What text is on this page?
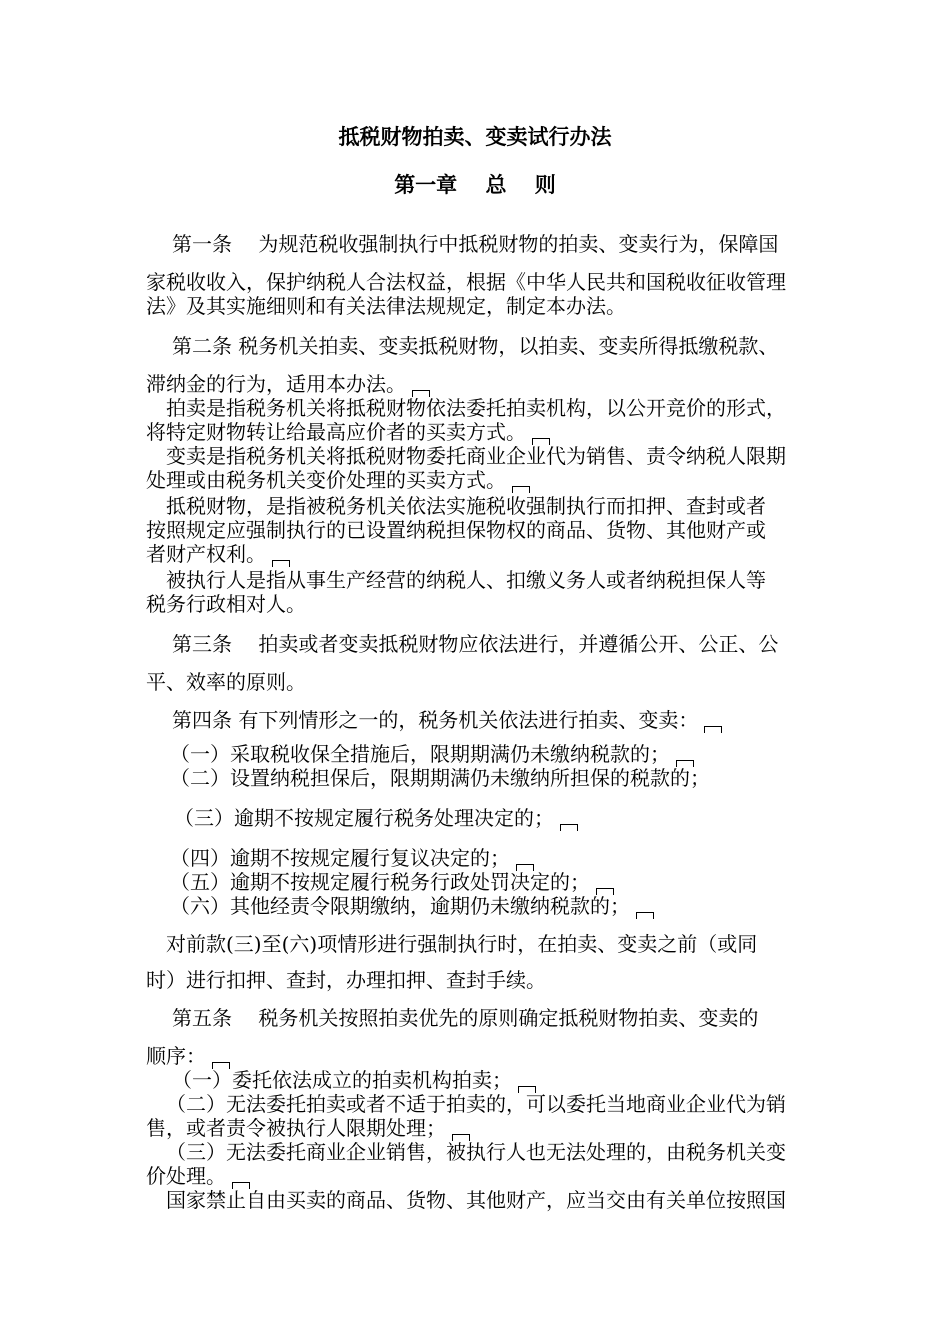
抵税财物拍卖、变卖试行办法
第一章　 总　 则
第一条　 为规范税收强制执行中抵税财物的拍卖、变卖行为，保障国
家税收收入，保护纳税人合法权益，根据《中华人民共和国税收征收管理
法》及其实施细则和有关法律法规规定，制定本办法。
第二条 税务机关拍卖、变卖抵税财物，以拍卖、变卖所得抵缴税款、
滞纳金的行为，适用本办法。
拍卖是指税务机关将抵税财物依法委托拍卖机构，以公开竞价的形式，
将特定财物转让给最高应价者的买卖方式。
变卖是指税务机关将抵税财物委托商业企业代为销售、责令纳税人限期
处理或由税务机关变价处理的买卖方式。
抵税财物，是指被税务机关依法实施税收强制执行而扣押、查封或者
按照规定应强制执行的已设置纳税担保物权的商品、货物、其他财产或
者财产权利。
被执行人是指从事生产经营的纳税人、扣缴义务人或者纳税担保人等
税务行政相对人。
第三条　 拍卖或者变卖抵税财物应依法进行，并遵循公开、公正、公
平、效率的原则。
第四条 有下列情形之一的，税务机关依法进行拍卖、变卖：
（一）采取税收保全措施后，限期期满仍未缴纳税款的；
（二）设置纳税担保后，限期期满仍未缴纳所担保的税款的；
（三）逾期不按规定履行税务处理决定的；
（四）逾期不按规定履行复议决定的；
（五）逾期不按规定履行税务行政处罚决定的；
（六）其他经责令限期缴纳，逾期仍未缴纳税款的；
对前款(三)至(六)项情形进行强制执行时，在拍卖、变卖之前（或同
时）进行扣押、查封，办理扣押、查封手续。
第五条　 税务机关按照拍卖优先的原则确定抵税财物拍卖、变卖的
顺序：
（一）委托依法成立的拍卖机构拍卖；
（二）无法委托拍卖或者不适于拍卖的，可以委托当地商业企业代为销
售，或者责令被执行人限期处理；
（三）无法委托商业企业销售，被执行人也无法处理的，由税务机关变
价处理。
国家禁止自由买卖的商品、货物、其他财产，应当交由有关单位按照国
